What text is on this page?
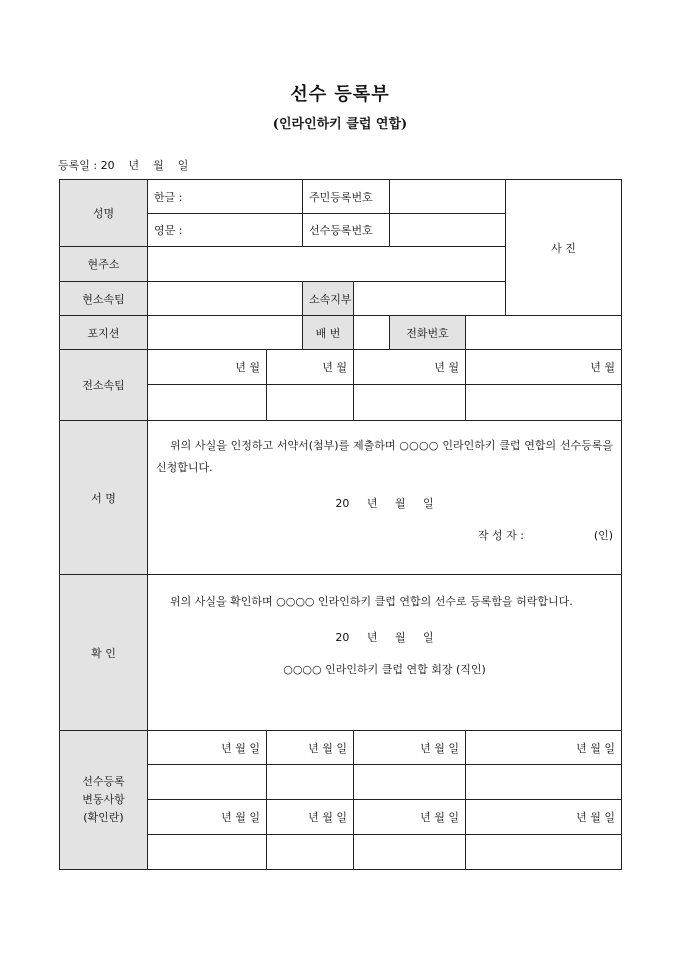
선수 등록부
(인라인하키 클럽 연합)
등록일 : 20    년    월    일
성명	한글 :		주민등록번호				사 진
	영문 :		선수등록번호				
현주소							
현소속팀			소속지부				
포지션			배 번		전화번호		
전소속팀	년 월	년 월		년 월		년 월	

서 명	위의 사실을 인정하고 서약서(첨부)를 제출하며 ○○○○ 인라인하키 클럽 연합의 선수등록을 신청합니다.
20     년     월     일
작 성 자 :                    (인)						

확 인	위의 사실을 확인하며 ○○○○ 인라인하키 클럽 연합의 선수로 등록함을 허락합니다.
20     년     월     일
○○○○ 인라인하키 클럽 연합 회장 (직인)						

선수등록
변동사항
(확인란)	년 월 일	년 월 일		년 월 일		년 월 일	

	년 월 일	년 월 일		년 월 일		년 월 일	
